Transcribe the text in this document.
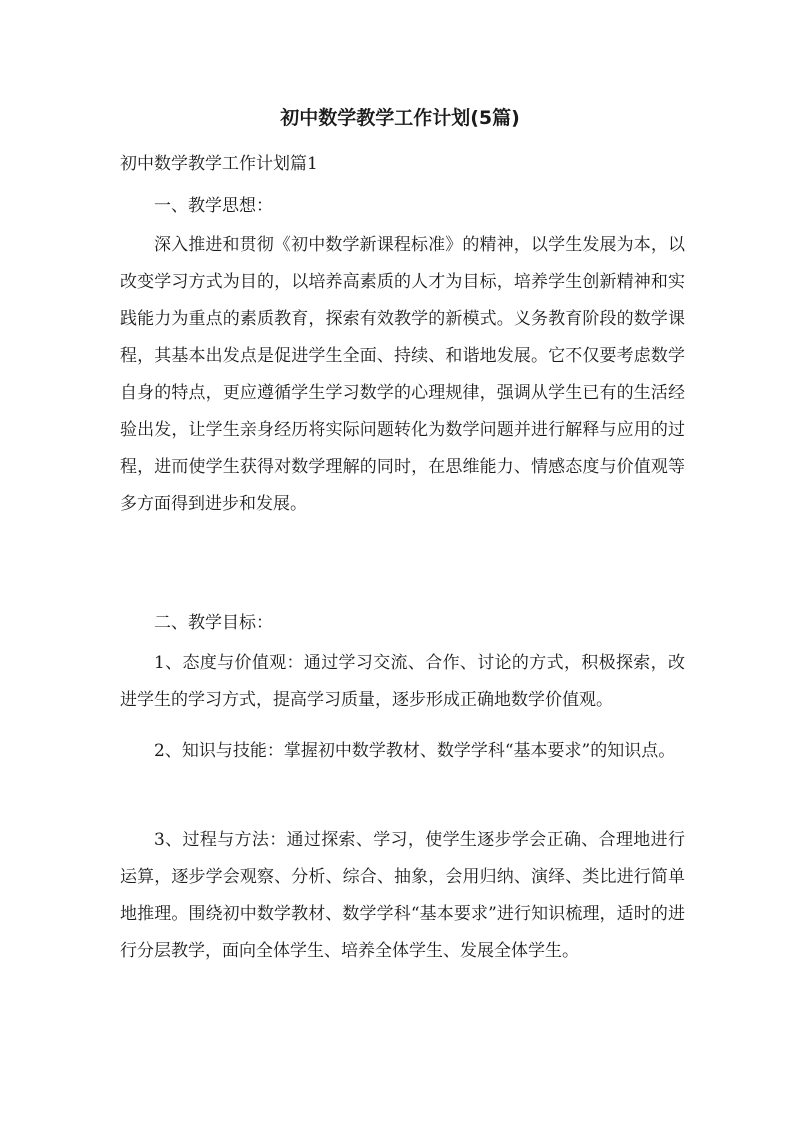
初中数学教学工作计划(5篇)

初中数学教学工作计划篇1

一、教学思想：

深入推进和贯彻《初中数学新课程标准》的精神，以学生发展为本，以改变学习方式为目的，以培养高素质的人才为目标，培养学生创新精神和实践能力为重点的素质教育，探索有效教学的新模式。义务教育阶段的数学课程，其基本出发点是促进学生全面、持续、和谐地发展。它不仅要考虑数学自身的特点，更应遵循学生学习数学的心理规律，强调从学生已有的生活经验出发，让学生亲身经历将实际问题转化为数学问题并进行解释与应用的过程，进而使学生获得对数学理解的同时，在思维能力、情感态度与价值观等多方面得到进步和发展。

二、教学目标：

1、态度与价值观：通过学习交流、合作、讨论的方式，积极探索，改进学生的学习方式，提高学习质量，逐步形成正确地数学价值观。

2、知识与技能：掌握初中数学教材、数学学科“基本要求”的知识点。

3、过程与方法：通过探索、学习，使学生逐步学会正确、合理地进行运算，逐步学会观察、分析、综合、抽象，会用归纳、演绎、类比进行简单地推理。围绕初中数学教材、数学学科“基本要求”进行知识梳理，适时的进行分层教学，面向全体学生、培养全体学生、发展全体学生。
